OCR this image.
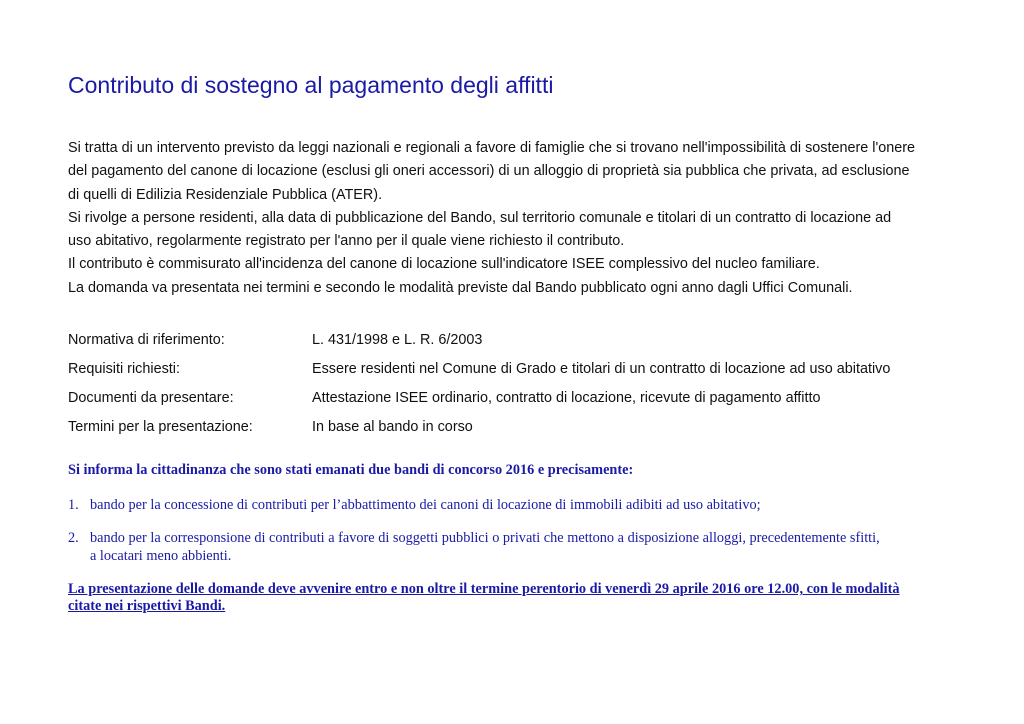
Contributo di sostegno al pagamento degli affitti
Si tratta di un intervento previsto da leggi nazionali e regionali a favore di famiglie che si trovano nell'impossibilità di sostenere l'onere
del pagamento del canone di locazione (esclusi gli oneri accessori) di un alloggio di proprietà sia pubblica che privata, ad esclusione
di quelli di Edilizia Residenziale Pubblica (ATER).
Si rivolge a persone residenti, alla data di pubblicazione del Bando, sul territorio comunale e titolari di un contratto di locazione ad
uso abitativo, regolarmente registrato per l'anno per il quale viene richiesto il contributo.
Il contributo è commisurato all'incidenza del canone di locazione sull'indicatore ISEE complessivo del nucleo familiare.
La domanda va presentata nei termini e secondo le modalità previste dal Bando pubblicato ogni anno dagli Uffici Comunali.
Normativa di riferimento:	L. 431/1998 e L. R. 6/2003
Requisiti richiesti:	Essere residenti nel Comune di Grado e titolari di un contratto di locazione ad uso abitativo
Documenti da presentare:	Attestazione ISEE ordinario, contratto di locazione, ricevute di pagamento affitto
Termini per la presentazione:	In base al bando in corso
Si informa la cittadinanza che sono stati emanati due bandi di concorso 2016 e precisamente:
1. bando per la concessione di contributi per l’abbattimento dei canoni di locazione di immobili adibiti ad uso abitativo;
2. bando per la corresponsione di contributi a favore di soggetti pubblici o privati che mettono a disposizione alloggi, precedentemente sfitti,
a locatari meno abbienti.
La presentazione delle domande deve avvenire entro e non oltre il termine perentorio di venerdì 29 aprile 2016 ore 12.00, con le modalità
citate nei rispettivi Bandi.
